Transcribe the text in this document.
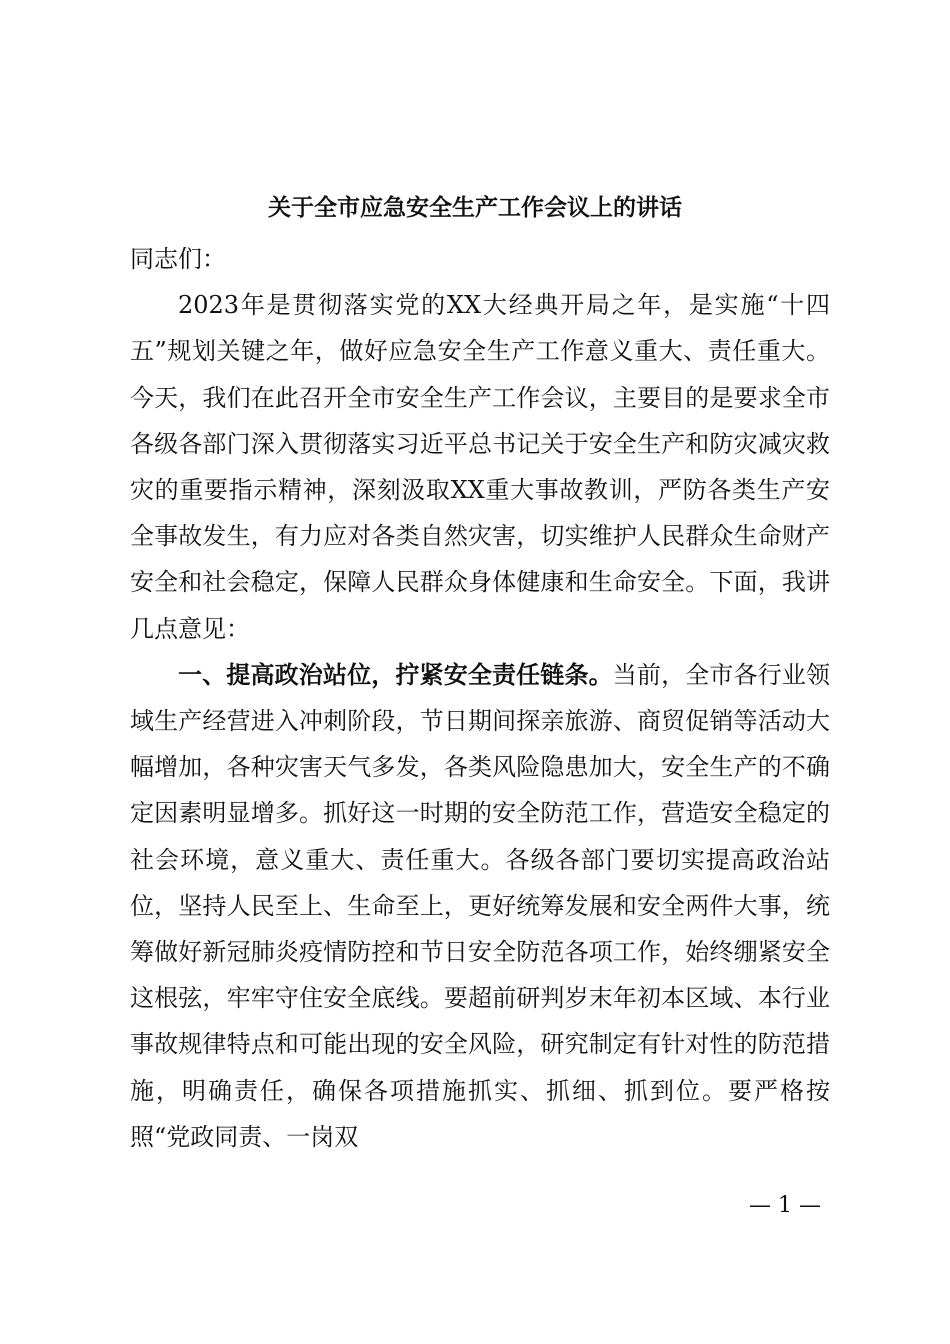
关于全市应急安全生产工作会议上的讲话

同志们：

2023年是贯彻落实党的XX大经典开局之年，是实施“十四五”规划关键之年，做好应急安全生产工作意义重大、责任重大。今天，我们在此召开全市安全生产工作会议，主要目的是要求全市各级各部门深入贯彻落实习近平总书记关于安全生产和防灾减灾救灾的重要指示精神，深刻汲取XX重大事故教训，严防各类生产安全事故发生，有力应对各类自然灾害，切实维护人民群众生命财产安全和社会稳定，保障人民群众身体健康和生命安全。下面，我讲几点意见：

一、提高政治站位，拧紧安全责任链条。当前，全市各行业领域生产经营进入冲刺阶段，节日期间探亲旅游、商贸促销等活动大幅增加，各种灾害天气多发，各类风险隐患加大，安全生产的不确定因素明显增多。抓好这一时期的安全防范工作，营造安全稳定的社会环境，意义重大、责任重大。各级各部门要切实提高政治站位，坚持人民至上、生命至上，更好统筹发展和安全两件大事，统筹做好新冠肺炎疫情防控和节日安全防范各项工作，始终绷紧安全这根弦，牢牢守住安全底线。要超前研判岁末年初本区域、本行业事故规律特点和可能出现的安全风险，研究制定有针对性的防范措施，明确责任，确保各项措施抓实、抓细、抓到位。要严格按照“党政同责、一岗双

— 1 —
